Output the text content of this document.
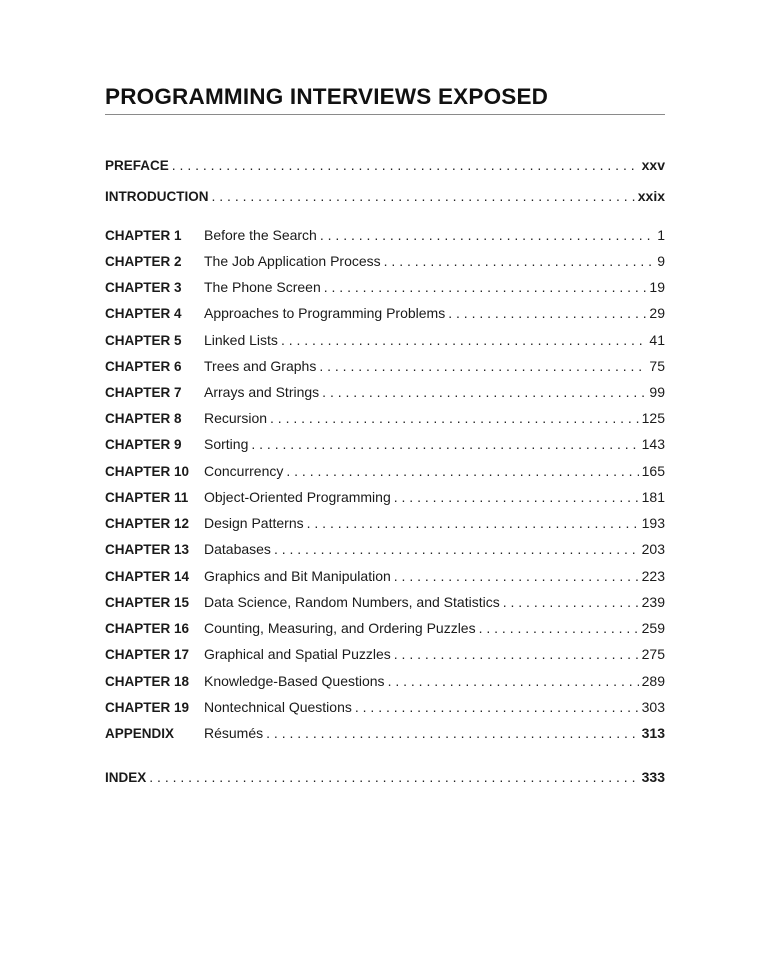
PROGRAMMING INTERVIEWS EXPOSED
PREFACE . . .	xxv
INTRODUCTION . . .	xxix
CHAPTER 1	Before the Search . . .	1
CHAPTER 2	The Job Application Process . . .	9
CHAPTER 3	The Phone Screen . . .	19
CHAPTER 4	Approaches to Programming Problems . . .	29
CHAPTER 5	Linked Lists . . .	41
CHAPTER 6	Trees and Graphs . . .	75
CHAPTER 7	Arrays and Strings . . .	99
CHAPTER 8	Recursion . . .	125
CHAPTER 9	Sorting . . .	143
CHAPTER 10	Concurrency . . .	165
CHAPTER 11	Object-Oriented Programming . . .	181
CHAPTER 12	Design Patterns . . .	193
CHAPTER 13	Databases . . .	203
CHAPTER 14	Graphics and Bit Manipulation . . .	223
CHAPTER 15	Data Science, Random Numbers, and Statistics . . .	239
CHAPTER 16	Counting, Measuring, and Ordering Puzzles . . .	259
CHAPTER 17	Graphical and Spatial Puzzles . . .	275
CHAPTER 18	Knowledge-Based Questions . . .	289
CHAPTER 19	Nontechnical Questions . . .	303
APPENDIX	Résumés . . .	313
INDEX . . .	333
